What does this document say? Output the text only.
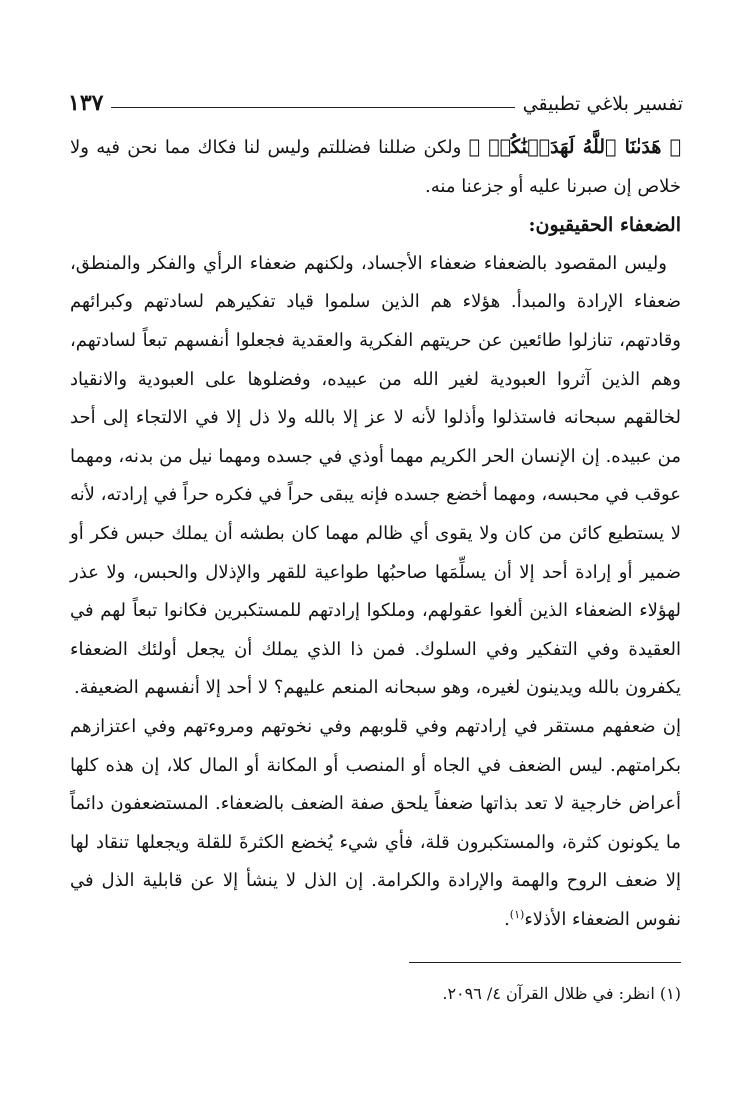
تفسير بلاغي تطبيقي
١٣٧

﴿ هَدَىٰنَا ٱللَّهُ لَهَدَيۡنَٰكُمۡ ﴾ ولكن ضللنا فضللتم وليس لنا فكاك مما نحن فيه ولا خلاص إن صبرنا عليه أو جزعنا منه.

الضعفاء الحقيقيون:

وليس المقصود بالضعفاء ضعفاء الأجساد، ولكنهم ضعفاء الرأي والفكر والمنطق، ضعفاء الإرادة والمبدأ. هؤلاء هم الذين سلموا قياد تفكيرهم لسادتهم وكبرائهم وقادتهم، تنازلوا طائعين عن حريتهم الفكرية والعقدية فجعلوا أنفسهم تبعاً لسادتهم، وهم الذين آثروا العبودية لغير الله من عبيده، وفضلوها على العبودية والانقياد لخالقهم سبحانه فاستذلوا وأذلوا لأنه لا عز إلا بالله ولا ذل إلا في الالتجاء إلى أحد من عبيده. إن الإنسان الحر الكريم مهما أوذي في جسده ومهما نيل من بدنه، ومهما عوقب في محبسه، ومهما أخضع جسده فإنه يبقى حراً في فكره حراً في إرادته، لأنه لا يستطيع كائن من كان ولا يقوى أي ظالم مهما كان بطشه أن يملك حبس فكر أو ضمير أو إرادة أحد إلا أن يسلِّمَها صاحبُها طواعية للقهر والإذلال والحبس، ولا عذر لهؤلاء الضعفاء الذين ألغوا عقولهم، وملكوا إرادتهم للمستكبرين فكانوا تبعاً لهم في العقيدة وفي التفكير وفي السلوك. فمن ذا الذي يملك أن يجعل أولئك الضعفاء يكفرون بالله ويدينون لغيره، وهو سبحانه المنعم عليهم؟ لا أحد إلا أنفسهم الضعيفة.

إن ضعفهم مستقر في إرادتهم وفي قلوبهم وفي نخوتهم ومروءتهم وفي اعتزازهم بكرامتهم. ليس الضعف في الجاه أو المنصب أو المكانة أو المال كلا، إن هذه كلها أعراض خارجية لا تعد بذاتها ضعفاً يلحق صفة الضعف بالضعفاء. المستضعفون دائماً ما يكونون كثرة، والمستكبرون قلة، فأي شيء يُخضع الكثرةَ للقلة ويجعلها تنقاد لها إلا ضعف الروح والهمة والإرادة والكرامة. إن الذل لا ينشأ إلا عن قابلية الذل في نفوس الضعفاء الأذلاء$^{(١)}$.

(١) انظر: في ظلال القرآن ٤/ ٢٠٩٦.
